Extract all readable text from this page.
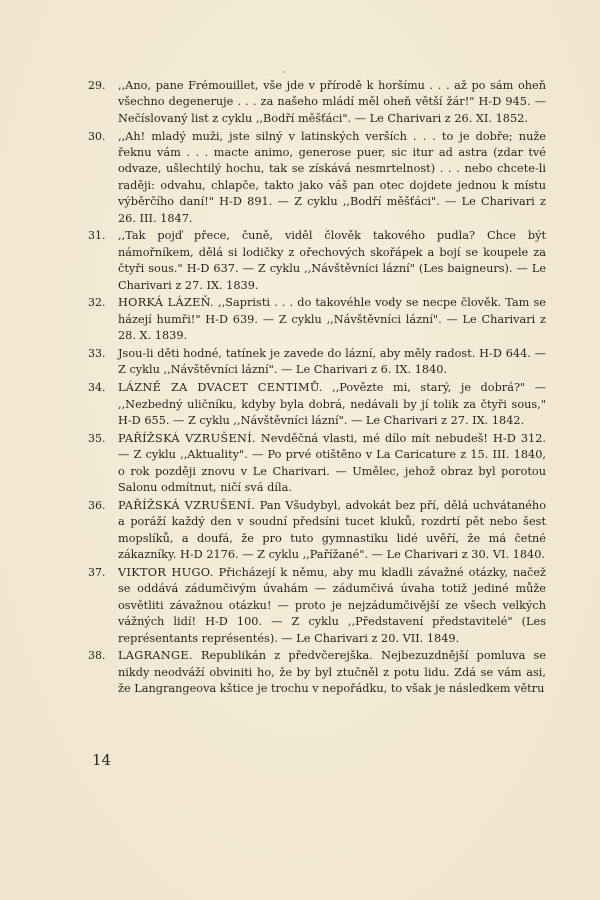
29.	,,Ano, pane Frémouillet, vše jde v přírodě k horšímu . . . až po sám oheň všechno degeneruje . . . za našeho mládí měl oheň větší žár!" H-D 945. — Nečíslovaný list z cyklu ,,Bodří měšťáci". — Le Charivari z 26. XI. 1852.
30.	,,Ah! mladý muži, jste silný v latinských verších . . . to je dobře; nuže řeknu vám . . . macte animo, generose puer, sic itur ad astra (zdar tvé odvaze, ušlechtilý hochu, tak se získává nesmrtelnost) . . . nebo chcete-li raději: odvahu, chlapče, takto jako váš pan otec dojdete jednou k místu výběrčího daní!" H-D 891. — Z cyklu ,,Bodří měšťáci". — Le Charivari z 26. III. 1847.
31.	,,Tak pojď přece, čuně, viděl člověk takového pudla? Chce být námořníkem, dělá si lodičky z ořechových skořápek a bojí se koupele za čtyři sous." H-D 637. — Z cyklu ,,Návštěvníci lázní" (Les baigneurs). — Le Charivari z 27. IX. 1839.
32.	HORKÁ LÁZEŇ. ,,Sapristi . . . do takovéhle vody se necpe člověk. Tam se házejí humři!" H-D 639. — Z cyklu ,,Návštěvníci lázní". — Le Charivari z 28. X. 1839.
33.	Jsou-li děti hodné, tatínek je zavede do lázní, aby měly radost. H-D 644. — Z cyklu ,,Návštěvníci lázní". — Le Charivari z 6. IX. 1840.
34.	LÁZNĚ ZA DVACET CENTIMŮ. ,,Povězte mi, starý, je dobrá?" — ,,Nezbedný uličníku, kdyby byla dobrá, nedávali by jí tolik za čtyři sous," H-D 655. — Z cyklu ,,Návštěvníci lázní". — Le Charivari z 27. IX. 1842.
35.	PAŘÍŽSKÁ VZRUŠENÍ. Nevděčná vlasti, mé dílo mít nebudeš! H-D 312. — Z cyklu ,,Aktuality". — Po prvé otištěno v La Caricature z 15. III. 1840, o rok později znovu v Le Charivari. — Umělec, jehož obraz byl porotou Salonu odmítnut, ničí svá díla.
36.	PAŘÍŽSKÁ VZRUŠENÍ. Pan Všudybyl, advokát bez pří, dělá uchvátaného a poráží každý den v soudní předsíni tucet kluků, rozdrtí pět nebo šest mopslíků, a doufá, že pro tuto gymnastiku lidé uvěří, že má četné zákazníky. H-D 2176. — Z cyklu ,,Pařížané". — Le Charivari z 30. VI. 1840.
37.	VIKTOR HUGO. Přicházejí k němu, aby mu kladli závažné otázky, načež se oddává zádumčivým úvahám — zádumčivá úvaha totiž jediné může osvětliti závažnou otázku! — proto je nejzádumčivější ze všech velkých vážných lidí! H-D 100. — Z cyklu ,,Představení představitelé" (Les représentants représentés). — Le Charivari z 20. VII. 1849.
38.	LAGRANGE. Republikán z předvčerejška. Nejbezuzdnější pomluva se nikdy neodváží obviniti ho, že by byl ztučněl z potu lidu. Zdá se vám asi, že Langrangeova kštice je trochu v nepořádku, to však je následkem větru
14
